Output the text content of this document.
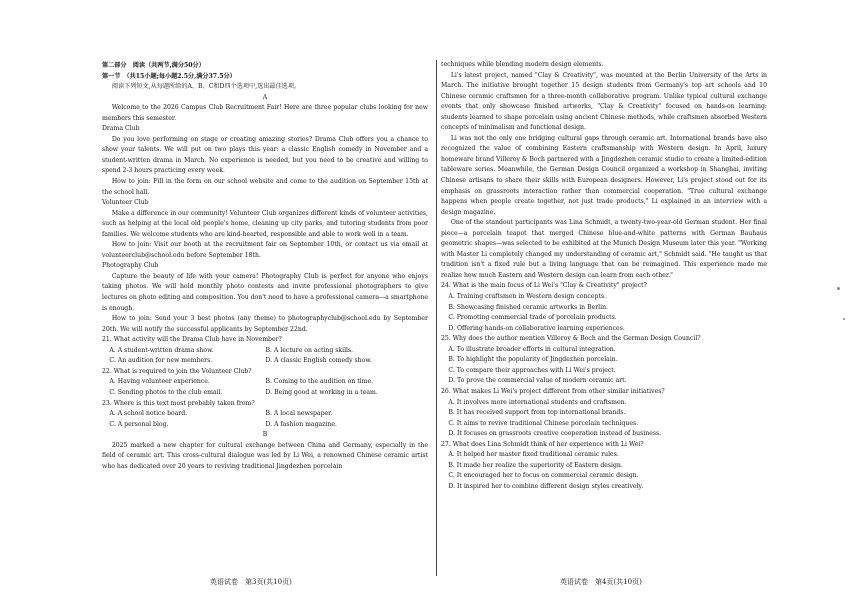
第二部分　阅读（共两节,满分50分）

第一节　（共15小题;每小题2.5分,满分37.5分）

阅读下列短文,从每题所给的A、B、C和D四个选项中,选出最佳选项。

A

Welcome to the 2026 Campus Club Recruitment Fair! Here are three popular clubs looking for new members this semester.

Drama Club

Do you love performing on stage or creating amazing stories? Drama Club offers you a chance to show your talents. We will put on two plays this year: a classic English comedy in November and a student-written drama in March. No experience is needed, but you need to be creative and willing to spend 2-3 hours practicing every week.

How to join: Fill in the form on our school website and come to the audition on September 15th at the school hall.

Volunteer Club

Make a difference in our community! Volunteer Club organizes different kinds of volunteer activities, such as helping at the local old people's home, cleaning up city parks, and tutoring students from poor families. We welcome students who are kind-hearted, responsible and able to work well in a team.

How to join: Visit our booth at the recruitment fair on September 10th, or contact us via email at volunteerclub@school.edu before September 18th.

Photography Club

Capture the beauty of life with your camera! Photography Club is perfect for anyone who enjoys taking photos. We will hold monthly photo contests and invite professional photographers to give lectures on photo editing and composition. You don't need to have a professional camera—a smartphone is enough.

How to join: Send your 3 best photos (any theme) to photographyclub@school.edu by September 20th. We will notify the successful applicants by September 22nd.

21. What activity will the Drama Club have in November?

A. A student-written drama show.	B. A lecture on acting skills.
C. An audition for new members.	D. A classic English comedy show.

22. What is required to join the Volunteer Club?

A. Having volunteer experience.	B. Coming to the audition on time.
C. Sending photos to the club email.	D. Being good at working in a team.

23. Where is this text most probably taken from?

A. A school notice board.	B. A local newspaper.
C. A personal blog.	D. A fashion magazine.

B

2025 marked a new chapter for cultural exchange between China and Germany, especially in the field of ceramic art. This cross-cultural dialogue was led by Li Wei, a renowned Chinese ceramic artist who has dedicated over 20 years to reviving traditional Jingdezhen porcelain

techniques while blending modern design elements.

Li's latest project, named "Clay & Creativity", was mounted at the Berlin University of the Arts in March. The initiative brought together 15 design students from Germany's top art schools and 10 Chinese ceramic craftsmen for a three-month collaborative program. Unlike typical cultural exchange events that only showcase finished artworks, "Clay & Creativity" focused on hands-on learning: students learned to shape porcelain using ancient Chinese methods, while craftsmen absorbed Western concepts of minimalism and functional design.

Li was not the only one bridging cultural gaps through ceramic art. International brands have also recognized the value of combining Eastern craftsmanship with Western design. In April, luxury homeware brand Villeroy & Boch partnered with a Jingdezhen ceramic studio to create a limited-edition tableware series. Meanwhile, the German Design Council organized a workshop in Shanghai, inviting Chinese artisans to share their skills with European designers. However, Li's project stood out for its emphasis on grassroots interaction rather than commercial cooperation. "True cultural exchange happens when people create together, not just trade products," Li explained in an interview with a design magazine.

One of the standout participants was Lina Schmidt, a twenty-two-year-old German student. Her final piece—a porcelain teapot that merged Chinese blue-and-white patterns with German Bauhaus geometric shapes—was selected to be exhibited at the Munich Design Museum later this year. "Working with Master Li completely changed my understanding of ceramic art," Schmidt said. "He taught us that tradition isn't a fixed rule but a living language that can be reimagined. This experience made me realize how much Eastern and Western design can learn from each other."

24. What is the main focus of Li Wei's "Clay & Creativity" project?

A. Training craftsmen in Western design concepts.

B. Showcasing finished ceramic artworks in Berlin.

C. Promoting commercial trade of porcelain products.

D. Offering hands-on collaborative learning experiences.

25. Why does the author mention Villeroy & Boch and the German Design Council?

A. To illustrate broader efforts in cultural integration.

B. To highlight the popularity of Jingdezhen porcelain.

C. To compare their approaches with Li Wei's project.

D. To prove the commercial value of modern ceramic art.

26. What makes Li Wei's project different from other similar initiatives?

A. It involves more international students and craftsmen.

B. It has received support from top international brands.

C. It aims to revive traditional Chinese porcelain techniques.

D. It focuses on grassroots creative cooperation instead of business.

27. What does Lina Schmidt think of her experience with Li Wei?

A. It helped her master fixed traditional ceramic rules.

B. It made her realize the superiority of Eastern design.

C. It encouraged her to focus on commercial ceramic design.

D. It inspired her to combine different design styles creatively.

英语试卷　第3页(共10页)	英语试卷　第4页(共10页)
